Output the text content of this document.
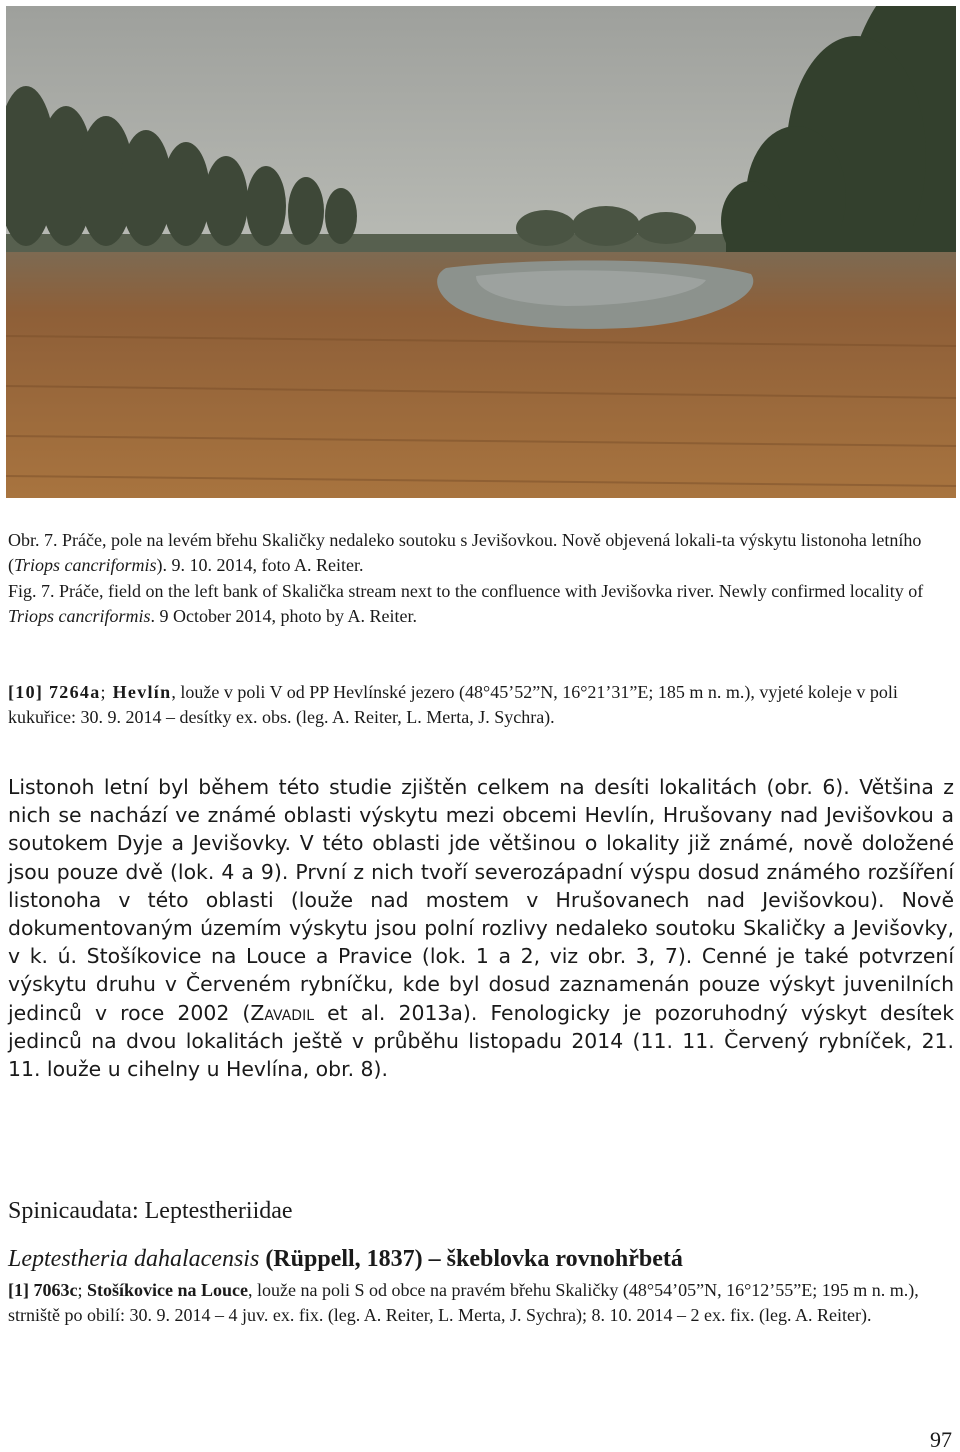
Obr. 7. Práče, pole na levém břehu Skaličky nedaleko soutoku s Jevišovkou. Nově objevená lokali-ta výskytu listonoha letního (Triops cancriformis). 9. 10. 2014, foto A. Reiter.
Fig. 7. Práče, field on the left bank of Skalička stream next to the confluence with Jevišovka river. Newly confirmed locality of Triops cancriformis. 9 October 2014, photo by A. Reiter.
[10] 7264a; Hevlín, louže v poli V od PP Hevlínské jezero (48°45’52”N, 16°21’31”E; 185 m n. m.), vyjeté koleje v poli kukuřice: 30. 9. 2014 – desítky ex. obs. (leg. A. Reiter, L. Merta, J. Sychra).
Listonoh letní byl během této studie zjištěn celkem na desíti lokalitách (obr. 6). Většina z nich se nachází ve známé oblasti výskytu mezi obcemi Hevlín, Hrušovany nad Jevišovkou a soutokem Dyje a Jevišovky. V této oblasti jde většinou o lokality již známé, nově doložené jsou pouze dvě (lok. 4 a 9). První z nich tvoří severozápadní výspu dosud známého rozšíření listonoha v této oblasti (louže nad mostem v Hrušovanech nad Jevišovkou). Nově dokumentovaným územím výskytu jsou polní rozlivy nedaleko soutoku Skaličky a Jevišovky, v k. ú. Stošíkovice na Louce a Pravice (lok. 1 a 2, viz obr. 3, 7). Cenné je také potvrzení výskytu druhu v Červeném rybníčku, kde byl dosud zaznamenán pouze výskyt juvenilních jedinců v roce 2002 (Zavadil et al. 2013a). Fenologicky je pozoruhodný výskyt desítek jedinců na dvou lokalitách ještě v průběhu listopadu 2014 (11. 11. Červený rybníček, 21. 11. louže u cihelny u Hevlína, obr. 8).
Spinicaudata: Leptestheriidae
Leptestheria dahalacensis (Rüppell, 1837) – škeblovka rovnohřbetá
[1] 7063c; Stošíkovice na Louce, louže na poli S od obce na pravém břehu Skaličky (48°54’05”N, 16°12’55”E; 195 m n. m.), strniště po obilí: 30. 9. 2014 – 4 juv. ex. fix. (leg. A. Reiter, L. Merta, J. Sychra); 8. 10. 2014 – 2 ex. fix. (leg. A. Reiter).
97
